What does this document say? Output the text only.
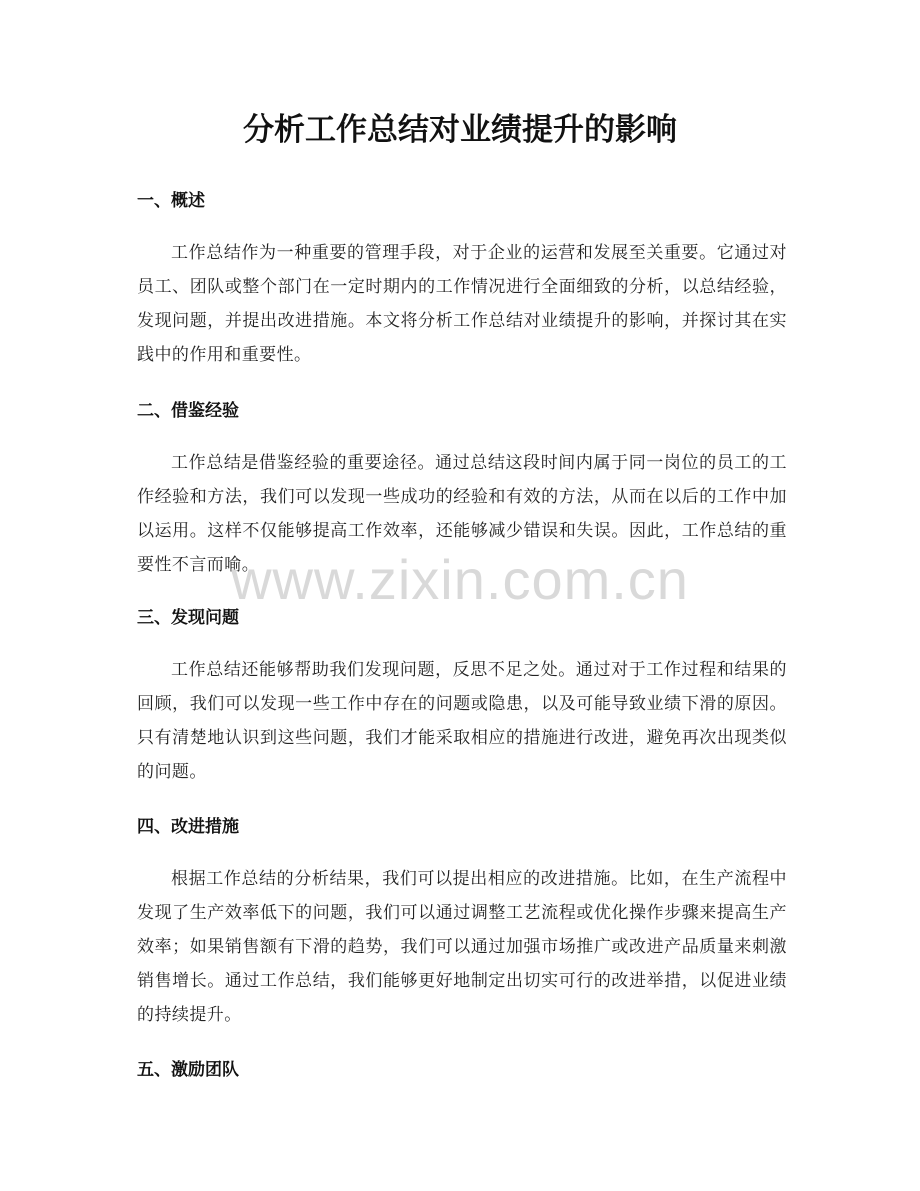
分析工作总结对业绩提升的影响
一、概述

工作总结作为一种重要的管理手段，对于企业的运营和发展至关重要。它通过对员工、团队或整个部门在一定时期内的工作情况进行全面细致的分析，以总结经验，发现问题，并提出改进措施。本文将分析工作总结对业绩提升的影响，并探讨其在实践中的作用和重要性。

二、借鉴经验

工作总结是借鉴经验的重要途径。通过总结这段时间内属于同一岗位的员工的工作经验和方法，我们可以发现一些成功的经验和有效的方法，从而在以后的工作中加以运用。这样不仅能够提高工作效率，还能够减少错误和失误。因此，工作总结的重要性不言而喻。

三、发现问题

工作总结还能够帮助我们发现问题，反思不足之处。通过对于工作过程和结果的回顾，我们可以发现一些工作中存在的问题或隐患，以及可能导致业绩下滑的原因。只有清楚地认识到这些问题，我们才能采取相应的措施进行改进，避免再次出现类似的问题。

四、改进措施

根据工作总结的分析结果，我们可以提出相应的改进措施。比如，在生产流程中发现了生产效率低下的问题，我们可以通过调整工艺流程或优化操作步骤来提高生产效率；如果销售额有下滑的趋势，我们可以通过加强市场推广或改进产品质量来刺激销售增长。通过工作总结，我们能够更好地制定出切实可行的改进举措，以促进业绩的持续提升。

五、激励团队
www.zixin.com.cn
